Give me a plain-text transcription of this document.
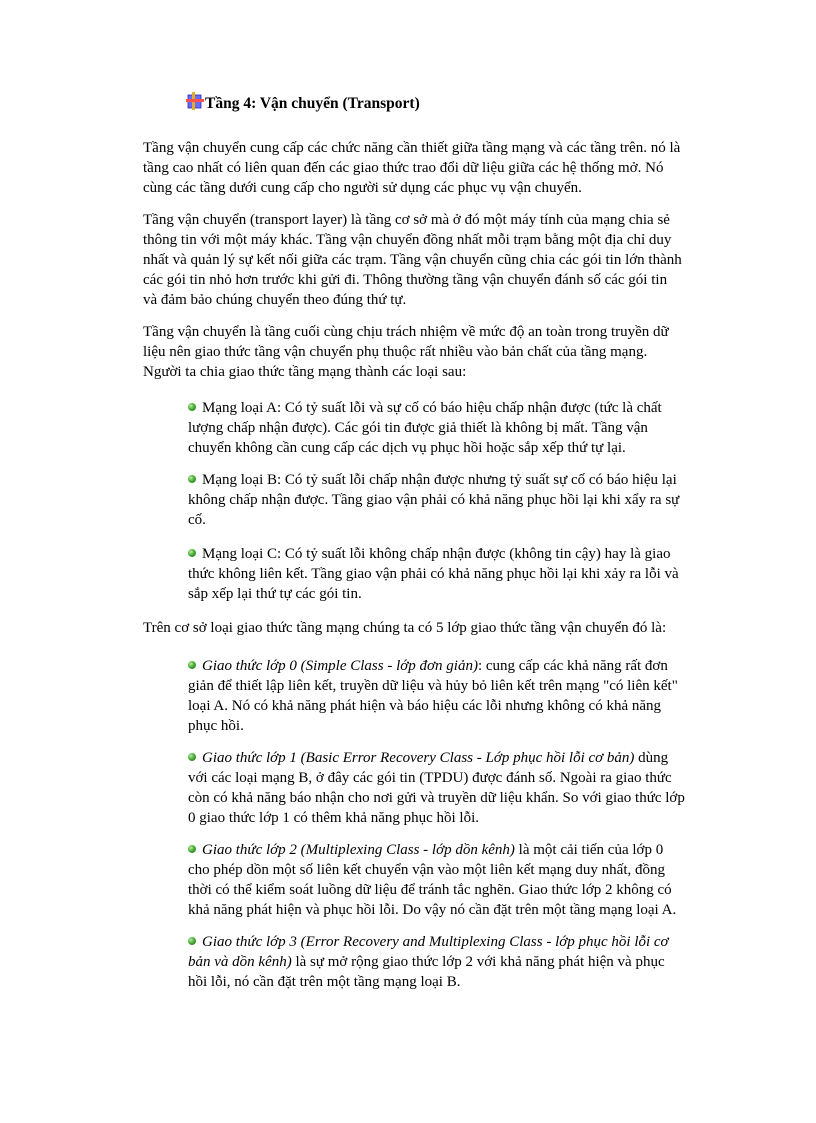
Tầng 4: Vận chuyển (Transport)

Tầng vận chuyển cung cấp các chức năng cần thiết giữa tầng mạng và các tầng trên. nó là tầng cao nhất có liên quan đến các giao thức trao đổi dữ liệu giữa các hệ thống mở. Nó cùng các tầng dưới cung cấp cho người sử dụng các phục vụ vận chuyển.

Tầng vận chuyển (transport layer) là tầng cơ sở mà ở đó một máy tính của mạng chia sẻ thông tin với một máy khác. Tầng vận chuyển đồng nhất mỗi trạm bằng một địa chỉ duy nhất và quản lý sự kết nối giữa các trạm. Tầng vận chuyển cũng chia các gói tin lớn thành các gói tin nhỏ hơn trước khi gửi đi. Thông thường tầng vận chuyển đánh số các gói tin và đảm bảo chúng chuyển theo đúng thứ tự.

Tầng vận chuyển là tầng cuối cùng chịu trách nhiệm về mức độ an toàn trong truyền dữ liệu nên giao thức tầng vận chuyển phụ thuộc rất nhiều vào bản chất của tầng mạng. Người ta chia giao thức tầng mạng thành các loại sau:

Mạng loại A: Có tỷ suất lỗi và sự cố có báo hiệu chấp nhận được (tức là chất lượng chấp nhận được). Các gói tin được giả thiết là không bị mất. Tầng vận chuyển không cần cung cấp các dịch vụ phục hồi hoặc sắp xếp thứ tự lại.

Mạng loại B: Có tỷ suất lỗi chấp nhận được nhưng tỷ suất sự cố có báo hiệu lại không chấp nhận được. Tầng giao vận phải có khả năng phục hồi lại khi xẩy ra sự cố.

Mạng loại C: Có tỷ suất lỗi không chấp nhận được (không tin cậy) hay là giao thức không liên kết. Tầng giao vận phải có khả năng phục hồi lại khi xảy ra lỗi và sắp xếp lại thứ tự các gói tin.

Trên cơ sở loại giao thức tầng mạng chúng ta có 5 lớp giao thức tầng vận chuyển đó là:

Giao thức lớp 0 (Simple Class - lớp đơn giản): cung cấp các khả năng rất đơn giản để thiết lập liên kết, truyền dữ liệu và hủy bỏ liên kết trên mạng "có liên kết" loại A. Nó có khả năng phát hiện và báo hiệu các lỗi nhưng không có khả năng phục hồi.

Giao thức lớp 1 (Basic Error Recovery Class - Lớp phục hồi lỗi cơ bản) dùng với các loại mạng B, ở đây các gói tin (TPDU) được đánh số. Ngoài ra giao thức còn có khả năng báo nhận cho nơi gửi và truyền dữ liệu khẩn. So với giao thức lớp 0 giao thức lớp 1 có thêm khả năng phục hồi lỗi.

Giao thức lớp 2 (Multiplexing Class - lớp dồn kênh) là một cải tiến của lớp 0 cho phép dồn một số liên kết chuyển vận vào một liên kết mạng duy nhất, đồng thời có thể kiểm soát luồng dữ liệu để tránh tắc nghẽn. Giao thức lớp 2 không có khả năng phát hiện và phục hồi lỗi. Do vậy nó cần đặt trên một tầng mạng loại A.

Giao thức lớp 3 (Error Recovery and Multiplexing Class - lớp phục hồi lỗi cơ bản và dồn kênh) là sự mở rộng giao thức lớp 2 với khả năng phát hiện và phục hồi lỗi, nó cần đặt trên một tầng mạng loại B.
